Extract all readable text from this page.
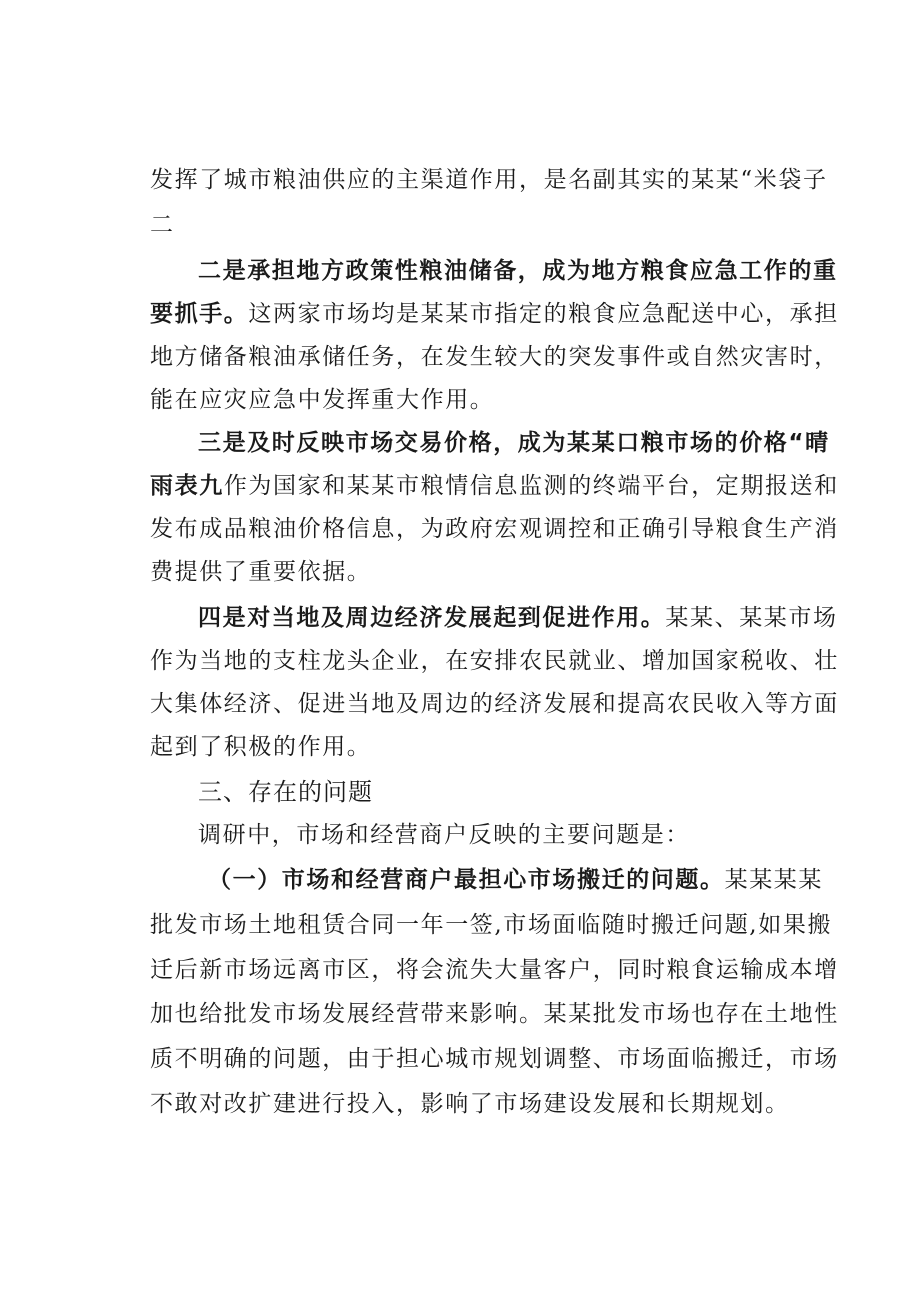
发挥了城市粮油供应的主渠道作用，是名副其实的某某“米袋子
二
二是承担地方政策性粮油储备，成为地方粮食应急工作的重
要抓手。这两家市场均是某某市指定的粮食应急配送中心，承担
地方储备粮油承储任务，在发生较大的突发事件或自然灾害时，
能在应灾应急中发挥重大作用。
三是及时反映市场交易价格，成为某某口粮市场的价格“晴
雨表九作为国家和某某市粮情信息监测的终端平台，定期报送和
发布成品粮油价格信息，为政府宏观调控和正确引导粮食生产消
费提供了重要依据。
四是对当地及周边经济发展起到促进作用。某某、某某市场
作为当地的支柱龙头企业，在安排农民就业、增加国家税收、壮
大集体经济、促进当地及周边的经济发展和提高农民收入等方面
起到了积极的作用。
三、存在的问题
调研中，市场和经营商户反映的主要问题是：
（一）市场和经营商户最担心市场搬迁的问题。某某某某
批发市场土地租赁合同一年一签,市场面临随时搬迁问题,如果搬
迁后新市场远离市区，将会流失大量客户，同时粮食运输成本增
加也给批发市场发展经营带来影响。某某批发市场也存在土地性
质不明确的问题，由于担心城市规划调整、市场面临搬迁，市场
不敢对改扩建进行投入，影响了市场建设发展和长期规划。
